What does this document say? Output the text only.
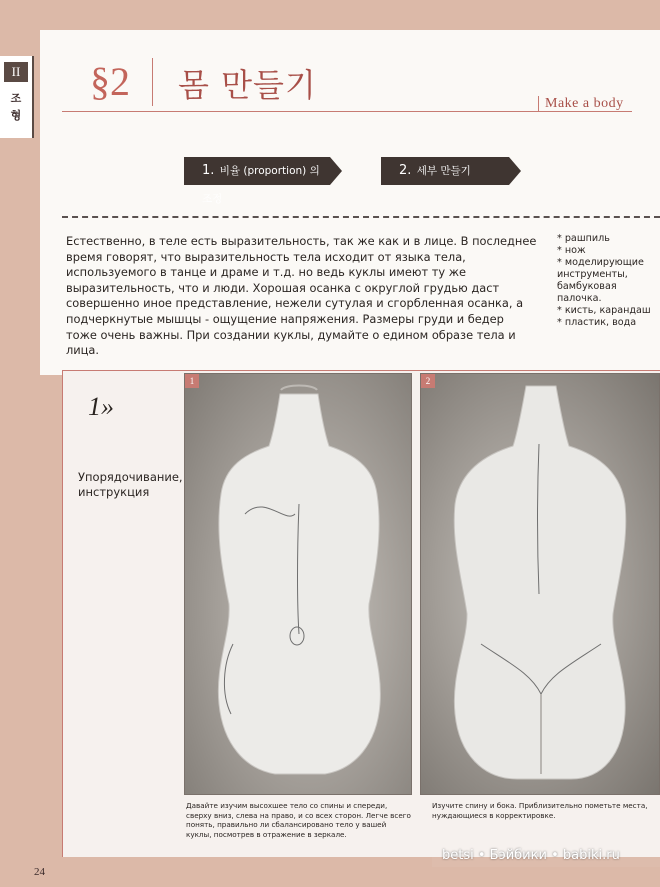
II
조
형
§2 몸 만들기	Make a body
1. 비율 (proportion) 의 조정
2. 세부 만들기
Естественно, в теле есть выразительность, так же как и в лице. В последнее время говорят, что выразительность тела исходит от языка тела, используемого в танце и драме и т.д. но ведь куклы имеют ту же выразительность, что и люди. Хорошая осанка с округлой грудью даст совершенно иное представление, нежели сутулая и сгорбленная осанка, а подчеркнутые мышцы - ощущение напряжения. Размеры груди и бедер тоже очень важны. При создании куклы, думайте о едином образе тела и лица.
* рашпиль
* нож
* моделирующие инструменты, бамбуковая палочка.
* кисть, карандаш
* пластик, вода
1»
Упорядочивание, инструкция
1	2
Давайте изучим высохшее тело со спины и спереди, сверху вниз, слева на право, и со всех сторон. Легче всего понять, правильно ли сбалансировано тело у вашей куклы, посмотрев в отражение в зеркале.
Изучите спину и бока. Приблизительно пометьте места, нуждающиеся в корректировке.
24
betsi • Бэйбики • babiki.ru
